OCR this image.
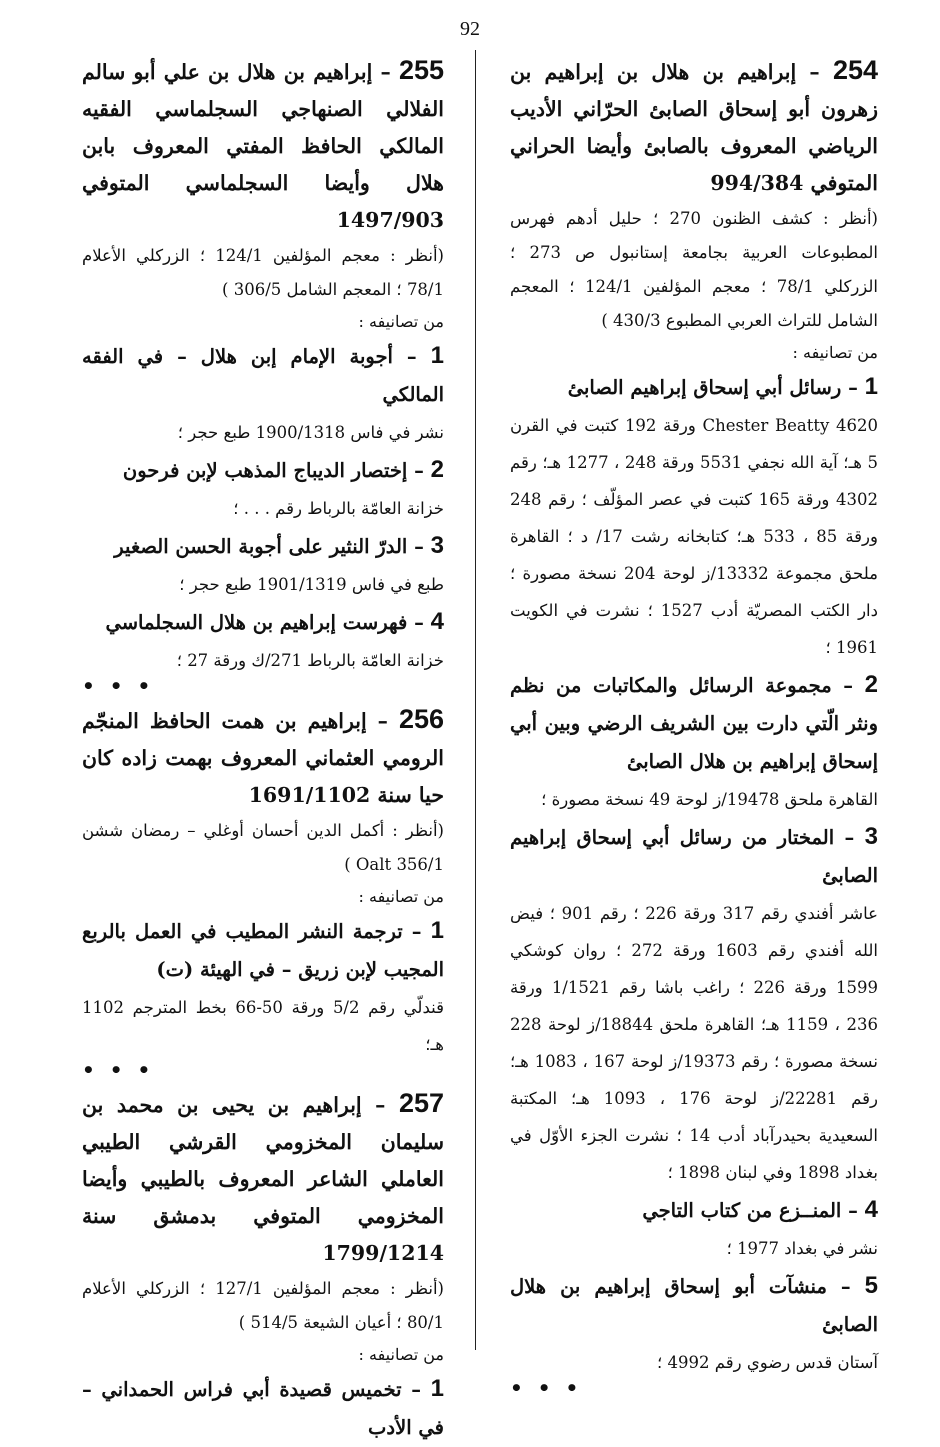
92

254 – إبراهيم بن هلال بن إبراهيم بن زهرون أبو إسحاق الصابئ الحرّاني الأديب الرياضي المعروف بالصابئ وأيضا الحراني المتوفي 994/384

(أنظر : كشف الظنون 270 ؛ حليل أدهم فهرس المطبوعات العربية بجامعة إستانبول ص 273 ؛ الزركلي 78/1 ؛ معجم المؤلفين 124/1 ؛ المعجم الشامل للتراث العربي المطبوع 430/3 )

من تصانيفه :

1 – رسائل أبي إسحاق إبراهيم الصابئ

4620 Chester Beatty ورقة 192 كتبت في القرن 5 هـ؛ آية الله نجفي 5531 ورقة 248 ، 1277 هـ؛ رقم 4302 ورقة 165 كتبت في عصر المؤلّف ؛ رقم 248 ورقة 85 ، 533 هـ؛ كتابخانه رشت 17/ د ؛ القاهرة ملحق مجموعة 13332/ز لوحة 204 نسخة مصورة ؛ دار الكتب المصريّة أدب 1527 ؛ نشرت في الكويت 1961 ؛

2 – مجموعة الرسائل والمكاتبات من نظم ونثر الّتي دارت بين الشريف الرضي وبين أبي إسحاق إبراهيم بن هلال الصابئ

القاهرة ملحق 19478/ز لوحة 49 نسخة مصورة ؛

3 – المختار من رسائل أبي إسحاق إبراهيم الصابئ

عاشر أفندي رقم 317 ورقة 226 ؛ رقم 901 ؛ فيض الله أفندي رقم 1603 ورقة 272 ؛ روان كوشكي 1599 ورقة 226 ؛ راغب باشا رقم 1/1521 ورقة 236 ، 1159 هـ؛ القاهرة ملحق 18844/ز لوحة 228 نسخة مصورة ؛ رقم 19373/ز لوحة 167 ، 1083 هـ؛ رقم 22281/ز لوحة 176 ، 1093 هـ؛ المكتبة السعيدية بحيدرآباد أدب 14 ؛ نشرت الجزء الأوّل في بغداد 1898 وفي لبنان 1898 ؛

4 – المنــزع من كتاب التاجي

نشر في بغداد 1977 ؛

5 – منشآت أبو إسحاق إبراهيم بن هلال الصابئ

آستان قدس رضوي رقم 4992 ؛

• • •

255 – إبراهيم بن هلال بن علي أبو سالم الفلالي الصنهاجي السجلماسي الفقيه المالكي الحافظ المفتي المعروف بابن هلال وأيضا السجلماسي المتوفي 1497/903

(أنظر : معجم المؤلفين 124/1 ؛ الزركلي الأعلام 78/1 ؛ المعجم الشامل 306/5 )

من تصانيفه :

1 – أجوبة الإمام إبن هلال – في الفقه المالكي

نشر في فاس 1900/1318 طبع حجر ؛

2 – إختصار الديباج المذهب لإبن فرحون

خزانة العامّة بالرباط رقم . . . ؛

3 – الدرّ النثير على أجوبة الحسن الصغير

طبع في فاس 1901/1319 طبع حجر ؛

4 – فهرست إبراهيم بن هلال السجلماسي

خزانة العامّة بالرباط 271/ك ورقة 27 ؛

• • •

256 – إبراهيم بن همت الحافظ المنجّم الرومي العثماني المعروف بهمت زاده كان حيا سنة 1691/1102

(أنظر : أكمل الدين أحسان أوغلي – رمضان ششن 356/1 Oalt )

من تصانيفه :

1 – ترجمة النشر المطيب في العمل بالربع المجيب لإبن زريق – في الهيئة (ت)

قندلّي رقم 5/2 ورقة 50-66 بخط المترجم 1102 هـ؛

• • •

257 – إبراهيم بن يحيى بن محمد بن سليمان المخزومي القرشي الطيبي العاملي الشاعر المعروف بالطيبي وأيضا المخزومي المتوفي بدمشق سنة 1799/1214

(أنظر : معجم المؤلفين 127/1 ؛ الزركلي الأعلام 80/1 ؛ أعيان الشيعة 514/5 )

من تصانيفه :

1 – تخميس قصيدة أبي فراس الحمداني – في الأدب
